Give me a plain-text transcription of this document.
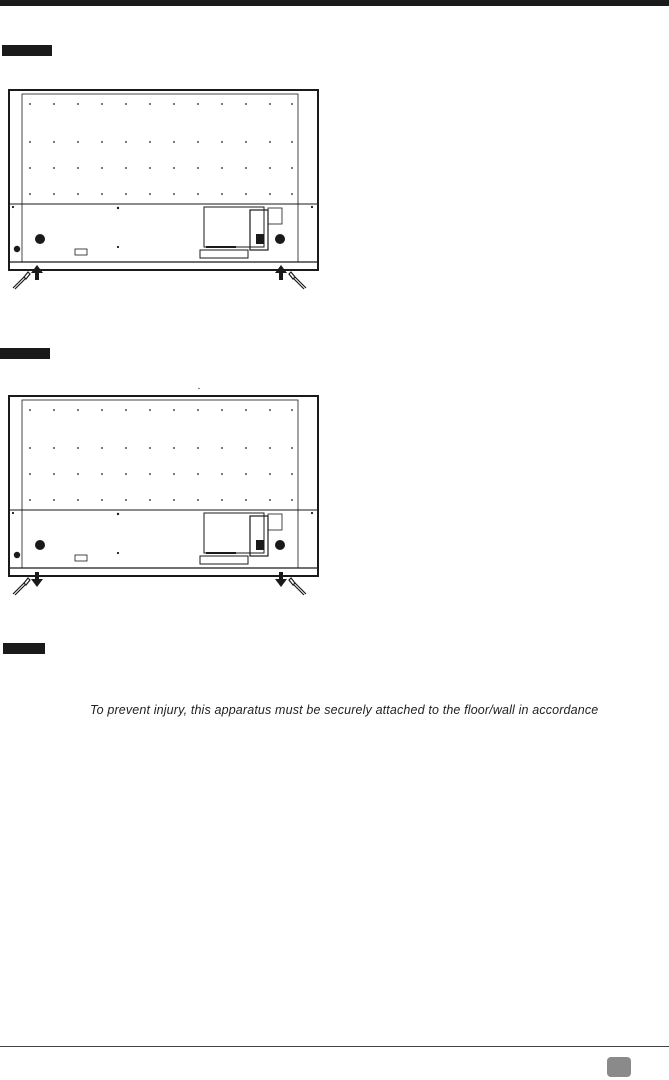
To prevent injury, this apparatus must be securely attached to the floor/wall in accordance
